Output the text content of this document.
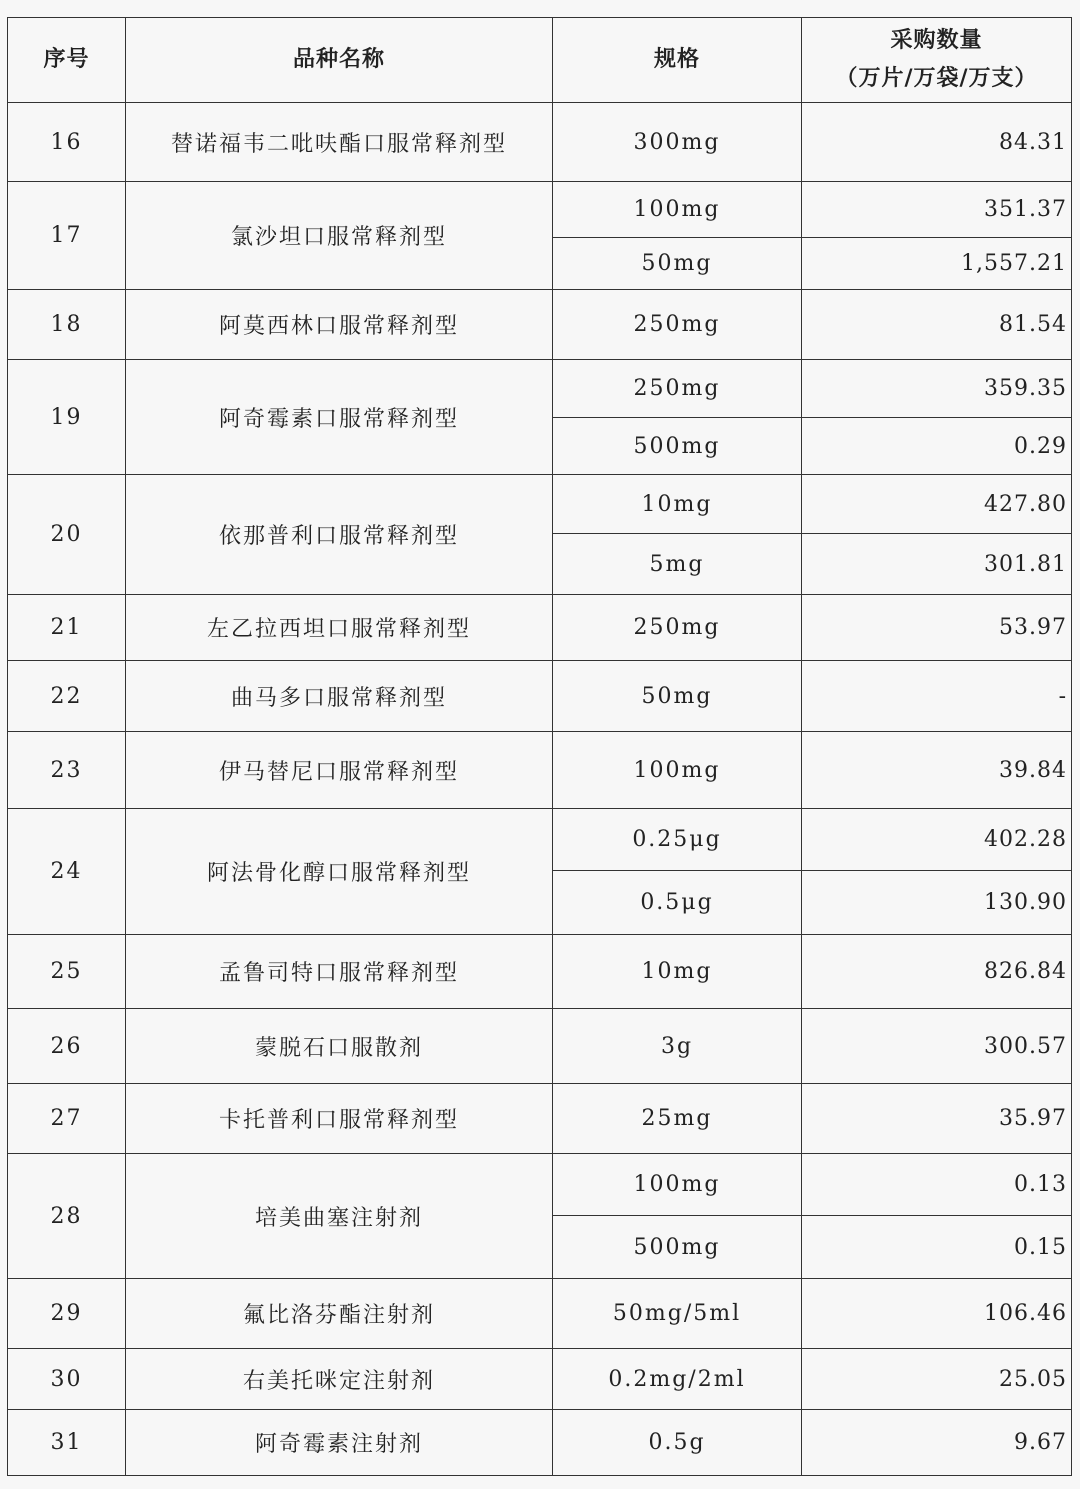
序号	品种名称	规格	采购数量
（万片/万袋/万支）

16	替诺福韦二吡呋酯口服常释剂型	300mg	84.31
17	氯沙坦口服常释剂型	100mg	351.37
		50mg	1,557.21
18	阿莫西林口服常释剂型	250mg	81.54
19	阿奇霉素口服常释剂型	250mg	359.35
		500mg	0.29
20	依那普利口服常释剂型	10mg	427.80
		5mg	301.81
21	左乙拉西坦口服常释剂型	250mg	53.97
22	曲马多口服常释剂型	50mg	-
23	伊马替尼口服常释剂型	100mg	39.84
24	阿法骨化醇口服常释剂型	0.25μg	402.28
		0.5μg	130.90
25	孟鲁司特口服常释剂型	10mg	826.84
26	蒙脱石口服散剂	3g	300.57
27	卡托普利口服常释剂型	25mg	35.97
28	培美曲塞注射剂	100mg	0.13
		500mg	0.15
29	氟比洛芬酯注射剂	50mg/5ml	106.46
30	右美托咪定注射剂	0.2mg/2ml	25.05
31	阿奇霉素注射剂	0.5g	9.67
